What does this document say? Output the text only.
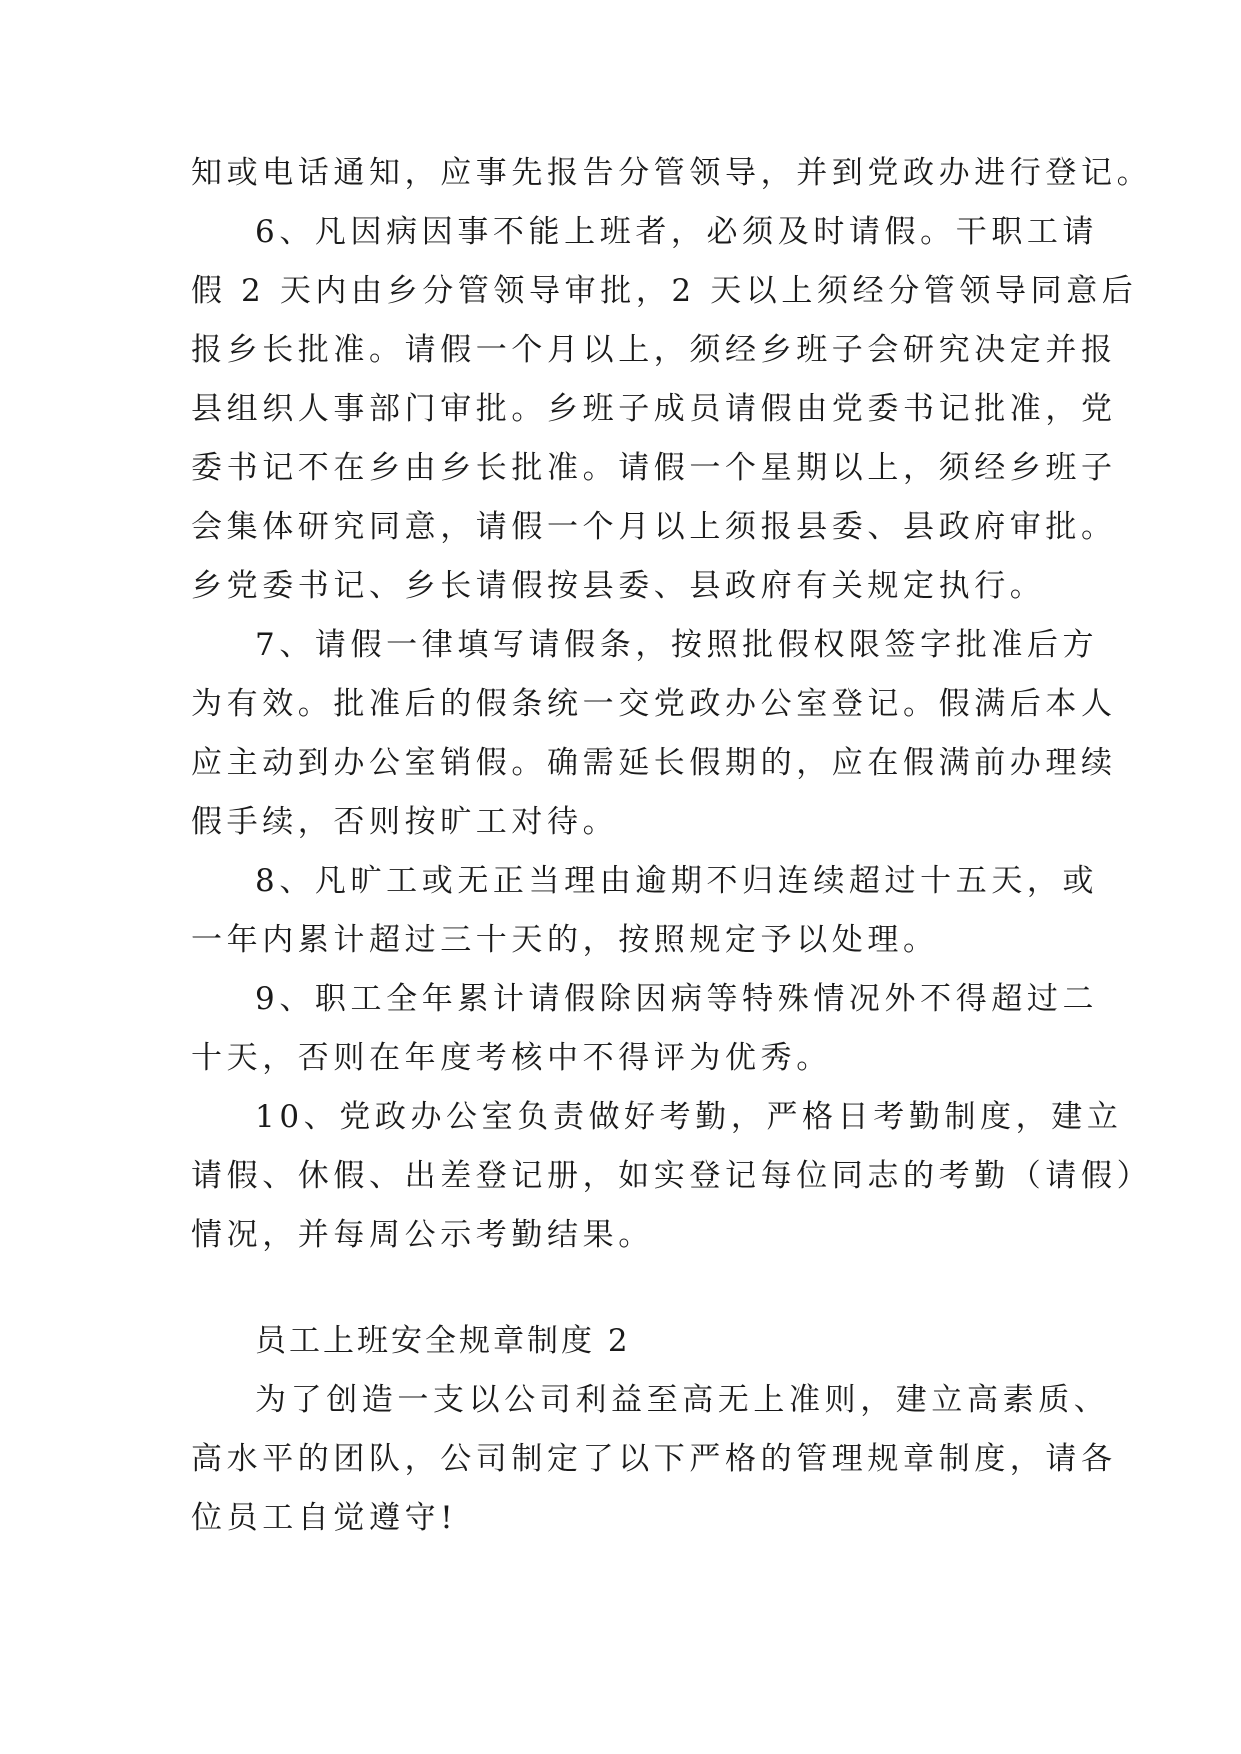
知或电话通知，应事先报告分管领导，并到党政办进行登记。
6、凡因病因事不能上班者，必须及时请假。干职工请
假 2 天内由乡分管领导审批，2 天以上须经分管领导同意后
报乡长批准。请假一个月以上，须经乡班子会研究决定并报
县组织人事部门审批。乡班子成员请假由党委书记批准，党
委书记不在乡由乡长批准。请假一个星期以上，须经乡班子
会集体研究同意，请假一个月以上须报县委、县政府审批。
乡党委书记、乡长请假按县委、县政府有关规定执行。
7、请假一律填写请假条，按照批假权限签字批准后方
为有效。批准后的假条统一交党政办公室登记。假满后本人
应主动到办公室销假。确需延长假期的，应在假满前办理续
假手续，否则按旷工对待。
8、凡旷工或无正当理由逾期不归连续超过十五天，或
一年内累计超过三十天的，按照规定予以处理。
9、职工全年累计请假除因病等特殊情况外不得超过二
十天，否则在年度考核中不得评为优秀。
10、党政办公室负责做好考勤，严格日考勤制度，建立
请假、休假、出差登记册，如实登记每位同志的考勤（请假）
情况，并每周公示考勤结果。
员工上班安全规章制度 2
为了创造一支以公司利益至高无上准则，建立高素质、
高水平的团队，公司制定了以下严格的管理规章制度，请各
位员工自觉遵守!
